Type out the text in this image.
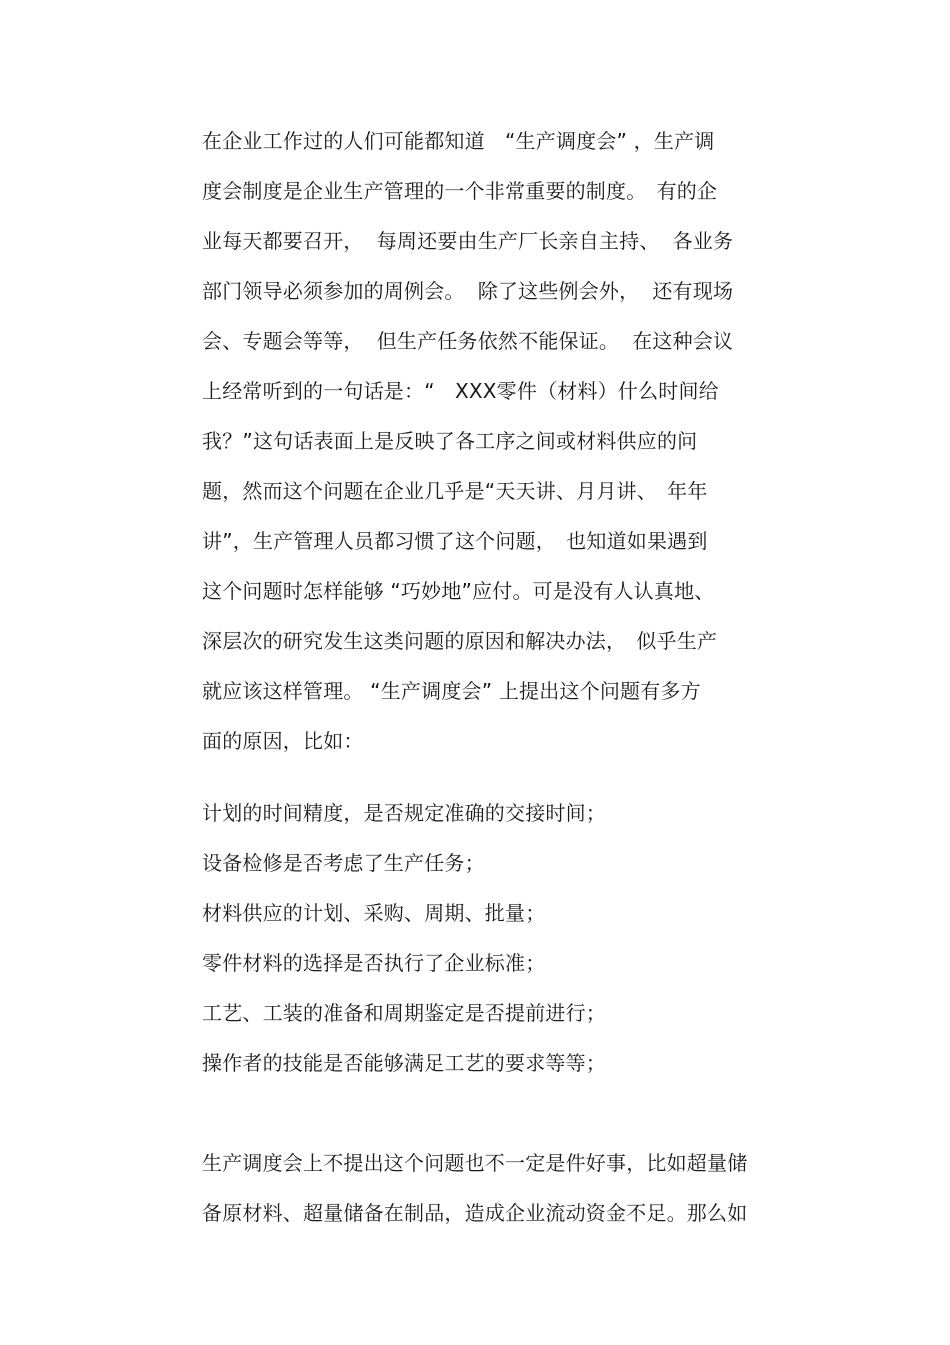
在企业工作过的人们可能都知道　“生产调度会” ，生产调
度会制度是企业生产管理的一个非常重要的制度。　有的企
业每天都要召开，  每周还要由生产厂长亲自主持、  各业务
部门领导必须参加的周例会。  除了这些例会外，  还有现场
会、专题会等等，  但生产任务依然不能保证。  在这种会议
上经常听到的一句话是：“　XXX零件（材料）什么时间给
我？”这句话表面上是反映了各工序之间或材料供应的问
题，然而这个问题在企业几乎是“天天讲、月月讲、　年年
讲”，生产管理人员都习惯了这个问题，　也知道如果遇到
这个问题时怎样能够 “巧妙地”应付。可是没有人认真地、
深层次的研究发生这类问题的原因和解决办法，　似乎生产
就应该这样管理。 “生产调度会” 上提出这个问题有多方
面的原因，比如：
计划的时间精度，是否规定准确的交接时间；
设备检修是否考虑了生产任务；
材料供应的计划、采购、周期、批量；
零件材料的选择是否执行了企业标准；
工艺、工装的准备和周期鉴定是否提前进行；
操作者的技能是否能够满足工艺的要求等等；
生产调度会上不提出这个问题也不一定是件好事，比如超量储
备原材料、超量储备在制品，造成企业流动资金不足。那么如
